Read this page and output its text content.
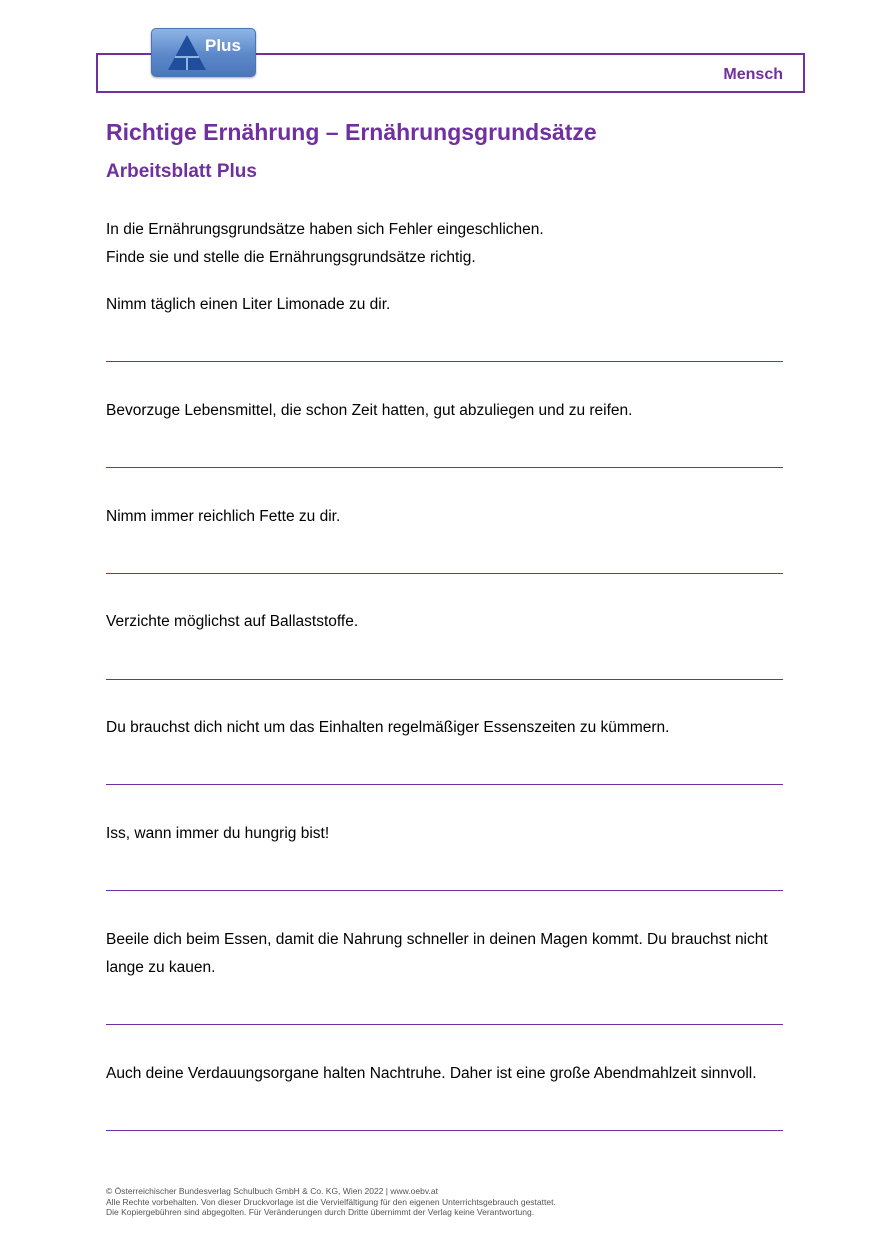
Mensch
Plus
Richtige Ernährung – Ernährungsgrundsätze
Arbeitsblatt Plus
In die Ernährungsgrundsätze haben sich Fehler eingeschlichen.
Finde sie und stelle die Ernährungsgrundsätze richtig.
Nimm täglich einen Liter Limonade zu dir.
Bevorzuge Lebensmittel, die schon Zeit hatten, gut abzuliegen und zu reifen.
Nimm immer reichlich Fette zu dir.
Verzichte möglichst auf Ballaststoffe.
Du brauchst dich nicht um das Einhalten regelmäßiger Essenszeiten zu kümmern.
Iss, wann immer du hungrig bist!
Beeile dich beim Essen, damit die Nahrung schneller in deinen Magen kommt. Du brauchst nicht lange zu kauen.
Auch deine Verdauungsorgane halten Nachtruhe. Daher ist eine große Abendmahlzeit sinnvoll.
© Österreichischer Bundesverlag Schulbuch GmbH & Co. KG, Wien 2022 | www.oebv.at
Alle Rechte vorbehalten. Von dieser Druckvorlage ist die Vervielfältigung für den eigenen Unterrichtsgebrauch gestattet.
Die Kopiergebühren sind abgegolten. Für Veränderungen durch Dritte übernimmt der Verlag keine Verantwortung.
